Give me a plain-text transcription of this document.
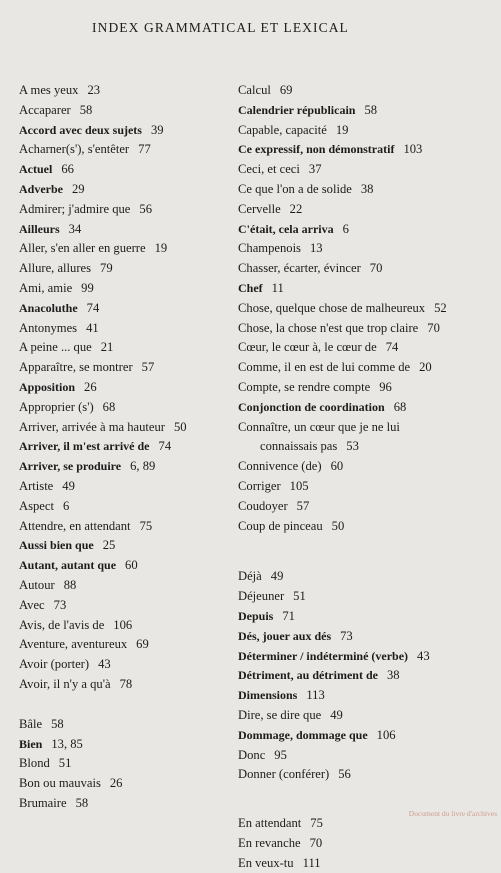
INDEX GRAMMATICAL ET LEXICAL
A mes yeux 23
Accaparer 58
Accord avec deux sujets 39
Acharner(s'), s'entêter 77
Actuel 66
Adverbe 29
Admirer; j'admire que 56
Ailleurs 34
Aller, s'en aller en guerre 19
Allure, allures 79
Ami, amie 99
Anacoluthe 74
Antonymes 41
A peine ... que 21
Apparaître, se montrer 57
Apposition 26
Approprier (s') 68
Arriver, arrivée à ma hauteur 50
Arriver, il m'est arrivé de 74
Arriver, se produire 6, 89
Artiste 49
Aspect 6
Attendre, en attendant 75
Aussi bien que 25
Autant, autant que 60
Autour 88
Avec 73
Avis, de l'avis de 106
Aventure, aventureux 69
Avoir (porter) 43
Avoir, il n'y a qu'à 78
Bâle 58
Bien 13, 85
Blond 51
Bon ou mauvais 26
Brumaire 58
Calcul 69
Calendrier républicain 58
Capable, capacité 19
Ce expressif, non démonstratif 103
Ceci, et ceci 37
Ce que l'on a de solide 38
Cervelle 22
C'était, cela arriva 6
Champenois 13
Chasser, écarter, évincer 70
Chef 11
Chose, quelque chose de malheureux 52
Chose, la chose n'est que trop claire 70
Cœur, le cœur à, le cœur de 74
Comme, il en est de lui comme de 20
Compte, se rendre compte 96
Conjonction de coordination 68
Connaître, un cœur que je ne lui
connaissais pas 53
Connivence (de) 60
Corriger 105
Coudoyer 57
Coup de pinceau 50
Déjà 49
Déjeuner 51
Depuis 71
Dés, jouer aux dés 73
Déterminer / indéterminé (verbe) 43
Détriment, au détriment de 38
Dimensions 113
Dire, se dire que 49
Dommage, dommage que 106
Donc 95
Donner (conférer) 56
En attendant 75
En revanche 70
En veux-tu 111
Document du livre d'archives
